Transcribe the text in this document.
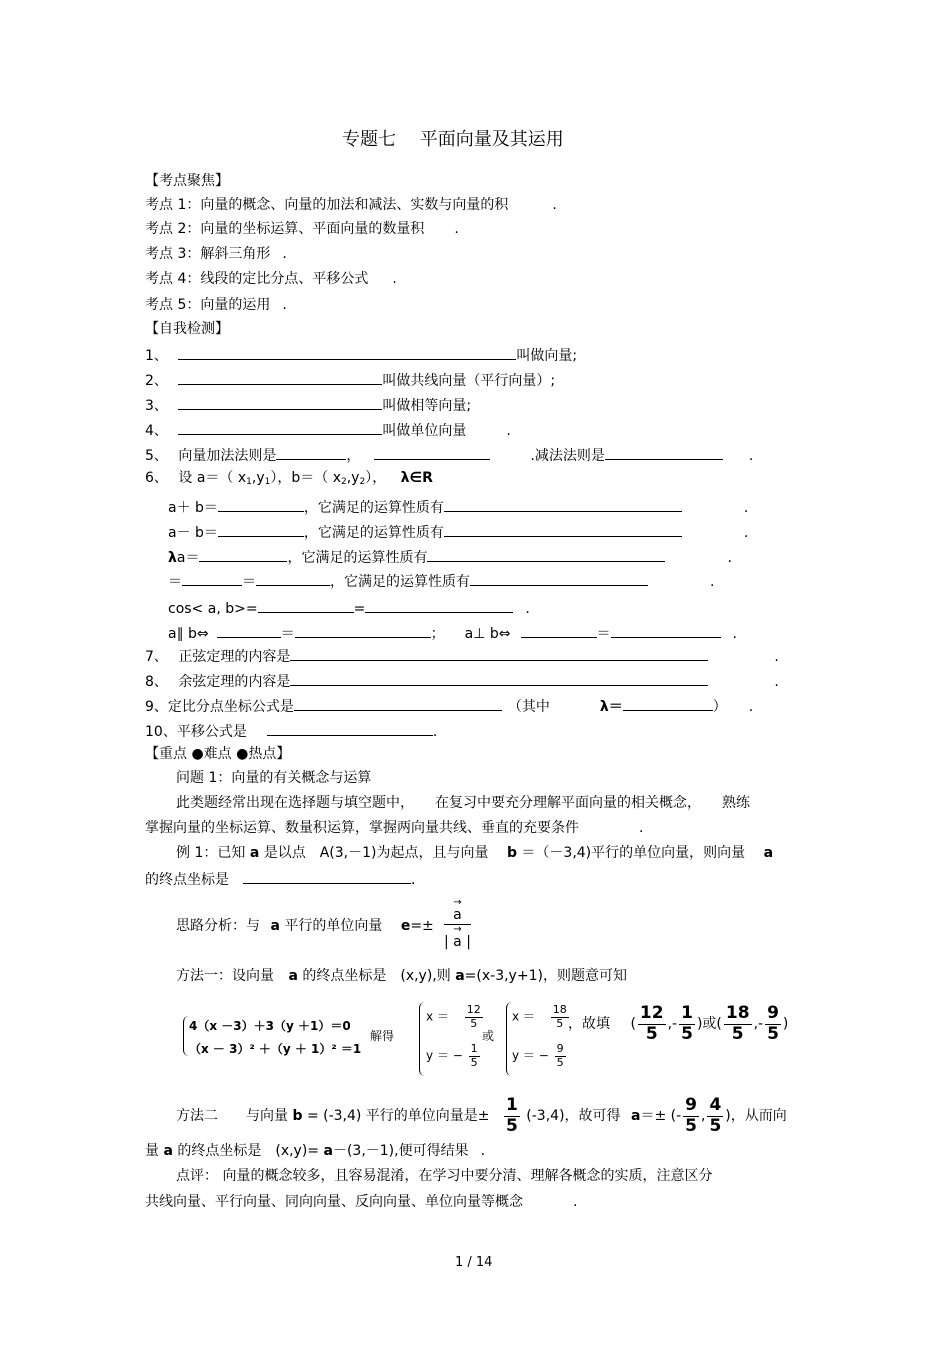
专题七　 平面向量及其运用
【考点聚焦】
考点 1：向量的概念、向量的加法和减法、实数与向量的积	.
考点 2：向量的坐标运算、平面向量的数量积 .
考点 3：解斜三角形 .
考点 4：线段的定比分点、平移公式 .
考点 5：向量的运用 .
【自我检测】
1、	叫做向量;
2、	叫做共线向量（平行向量）;
3、	叫做相等向量;
4、	叫做单位向量	.
5、 向量加法法则是	，	.减法法则是	.
6、 设 a＝（ $x_1,y_1$），b＝（ $x_2,y_2$）， λ∈R
a＋ b＝	，它满足的运算性质有	.
a－ b＝	，它满足的运算性质有	.
λa＝	，它满足的运算性质有	.
＝	＝	，它满足的运算性质有	.
cos< a, b>=	=	.
a∥ b⇔	＝	； a⊥ b⇔	＝	.
7、 正弦定理的内容是	.
8、 余弦定理的内容是	.
9、定比分点坐标公式是	（其中	λ＝	） .
10、平移公式是	.
【重点 ●难点 ●热点】
问题 1：向量的有关概念与运算
此类题经常出现在选择题与填空题中，　　在复习中要充分理解平面向量的相关概念，　　熟练
掌握向量的坐标运算、数量积运算，掌握两向量共线、垂直的充要条件	.
例 1：已知 a 是以点　A(3,－1)为起点，且与向量 b ＝（－3,4)平行的单位向量，则向量 a
的终点坐标是	.
思路分析：与 a 平行的单位向量 e=±
→
a
→
| a |
方法一：设向量 a 的终点坐标是　(x,y),则 a=(x-3,y+1)，则题意可知
4（x －3）＋3（y ＋1）＝0
（x － 3）² ＋（y ＋ 1）² ＝1
解得
$x = \frac{12}{5}$
y ＝ − $\frac{1}{5}$
或
$x = \frac{18}{5}$
y ＝ − $\frac{9}{5}$
，故填 ( $\frac{12}{5}$ ,- $\frac{1}{5}$ )或( $\frac{18}{5}$ ,- $\frac{9}{5}$ )
方法二　　与向量 b = (-3,4) 平行的单位向量是± $\frac{1}{5} (-3,4)$，故可得 a＝± (- $\frac{9}{5}$ , $\frac{4}{5}$ )，从而向
量 a 的终点坐标是　(x,y)= a－(3,－1),便可得结果 .
点评： 向量的概念较多，且容易混淆，在学习中要分清、理解各概念的实质，注意区分
共线向量、平行向量、同向向量、反向向量、单位向量等概念	.
1 / 14
